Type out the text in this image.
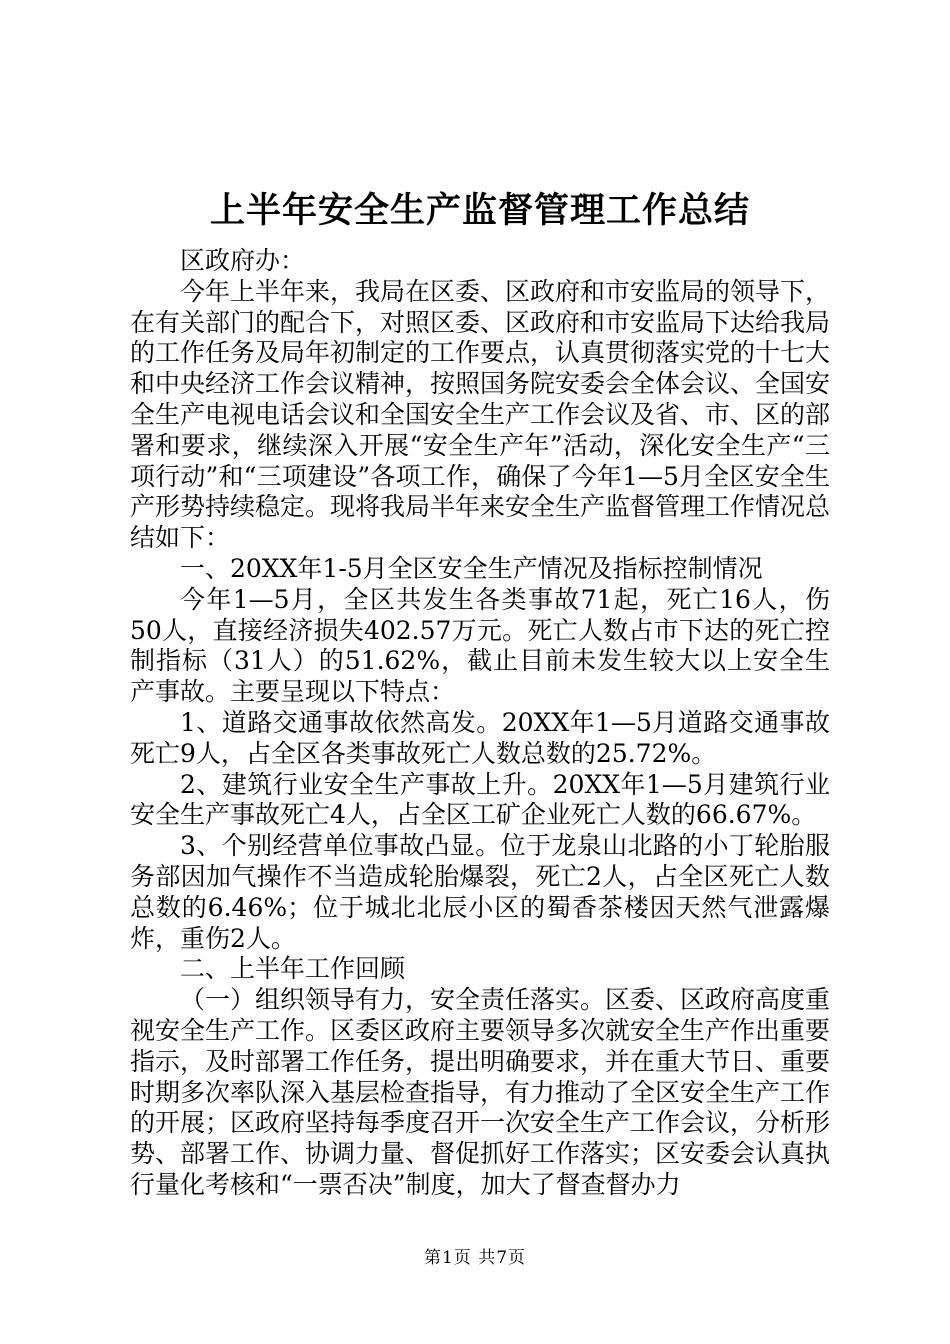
上半年安全生产监督管理工作总结

区政府办：

今年上半年来，我局在区委、区政府和市安监局的领导下，在有关部门的配合下，对照区委、区政府和市安监局下达给我局的工作任务及局年初制定的工作要点，认真贯彻落实党的十七大和中央经济工作会议精神，按照国务院安委会全体会议、全国安全生产电视电话会议和全国安全生产工作会议及省、市、区的部署和要求，继续深入开展“安全生产年”活动，深化安全生产“三项行动”和“三项建设”各项工作，确保了今年1—5月全区安全生产形势持续稳定。现将我局半年来安全生产监督管理工作情况总结如下：

一、20XX年1-5月全区安全生产情况及指标控制情况

今年1—5月，全区共发生各类事故71起，死亡16人，伤50人，直接经济损失402.57万元。死亡人数占市下达的死亡控制指标（31人）的51.62%，截止目前未发生较大以上安全生产事故。主要呈现以下特点：

1、道路交通事故依然高发。20XX年1—5月道路交通事故死亡9人，占全区各类事故死亡人数总数的25.72%。

2、建筑行业安全生产事故上升。20XX年1—5月建筑行业安全生产事故死亡4人，占全区工矿企业死亡人数的66.67%。

3、个别经营单位事故凸显。位于龙泉山北路的小丁轮胎服务部因加气操作不当造成轮胎爆裂，死亡2人，占全区死亡人数总数的6.46%；位于城北北辰小区的蜀香茶楼因天然气泄露爆炸，重伤2人。

二、上半年工作回顾

（一）组织领导有力，安全责任落实。区委、区政府高度重视安全生产工作。区委区政府主要领导多次就安全生产作出重要指示，及时部署工作任务，提出明确要求，并在重大节日、重要时期多次率队深入基层检查指导，有力推动了全区安全生产工作的开展；区政府坚持每季度召开一次安全生产工作会议，分析形势、部署工作、协调力量、督促抓好工作落实；区安委会认真执行量化考核和“一票否决”制度，加大了督查督办力

第1页 共7页
